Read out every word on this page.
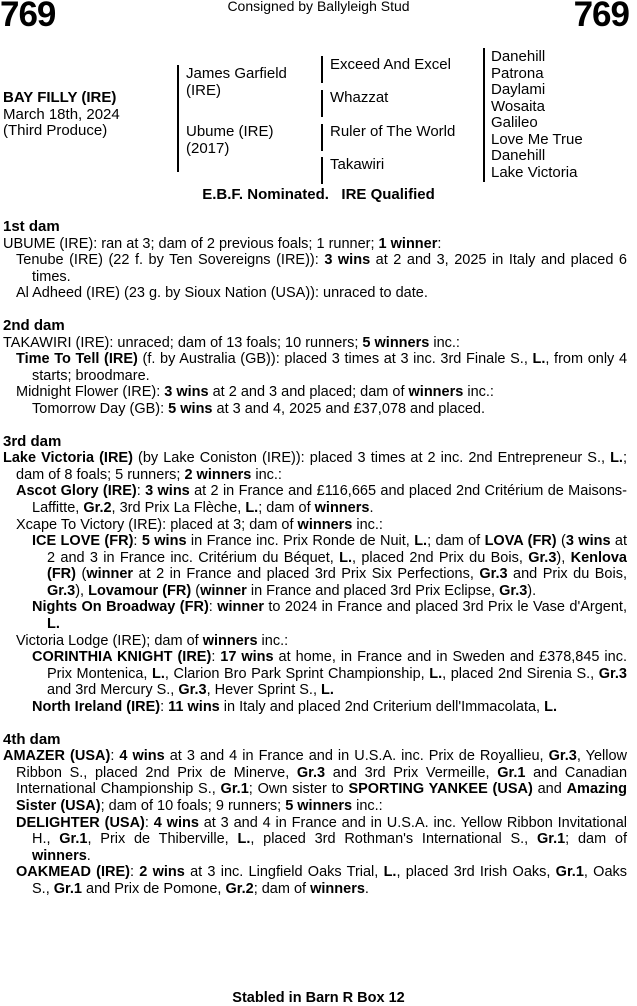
769	Consigned by Ballyleigh Stud	769
BAY FILLY (IRE)
March 18th, 2024
(Third Produce)
James Garfield
(IRE)
Ubume (IRE)
(2017)
Exceed And Excel
Whazzat
Ruler of The World
Takawiri
Danehill
Patrona
Daylami
Wosaita
Galileo
Love Me True
Danehill
Lake Victoria
E.B.F. Nominated.   IRE Qualified
1st dam

UBUME (IRE): ran at 3; dam of 2 previous foals; 1 runner; 1 winner:

Tenube (IRE) (22 f. by Ten Sovereigns (IRE)): 3 wins at 2 and 3, 2025 in Italy and placed 6 times.

Al Adheed (IRE) (23 g. by Sioux Nation (USA)): unraced to date.

2nd dam

TAKAWIRI (IRE): unraced; dam of 13 foals; 10 runners; 5 winners inc.:

Time To Tell (IRE) (f. by Australia (GB)): placed 3 times at 3 inc. 3rd Finale S., L., from only 4 starts; broodmare.

Midnight Flower (IRE): 3 wins at 2 and 3 and placed; dam of winners inc.:

Tomorrow Day (GB): 5 wins at 3 and 4, 2025 and £37,078 and placed.

3rd dam

Lake Victoria (IRE) (by Lake Coniston (IRE)): placed 3 times at 2 inc. 2nd Entrepreneur S., L.; dam of 8 foals; 5 runners; 2 winners inc.:

Ascot Glory (IRE): 3 wins at 2 in France and £116,665 and placed 2nd Critérium de Maisons-Laffitte, Gr.2, 3rd Prix La Flèche, L.; dam of winners.

Xcape To Victory (IRE): placed at 3; dam of winners inc.:

ICE LOVE (FR): 5 wins in France inc. Prix Ronde de Nuit, L.; dam of LOVA (FR) (3 wins at 2 and 3 in France inc. Critérium du Béquet, L., placed 2nd Prix du Bois, Gr.3), Kenlova (FR) (winner at 2 in France and placed 3rd Prix Six Perfections, Gr.3 and Prix du Bois, Gr.3), Lovamour (FR) (winner in France and placed 3rd Prix Eclipse, Gr.3).

Nights On Broadway (FR): winner to 2024 in France and placed 3rd Prix le Vase d'Argent, L.

Victoria Lodge (IRE); dam of winners inc.:

CORINTHIA KNIGHT (IRE): 17 wins at home, in France and in Sweden and £378,845 inc. Prix Montenica, L., Clarion Bro Park Sprint Championship, L., placed 2nd Sirenia S., Gr.3 and 3rd Mercury S., Gr.3, Hever Sprint S., L.

North Ireland (IRE): 11 wins in Italy and placed 2nd Criterium dell'Immacolata, L.

4th dam

AMAZER (USA): 4 wins at 3 and 4 in France and in U.S.A. inc. Prix de Royallieu, Gr.3, Yellow Ribbon S., placed 2nd Prix de Minerve, Gr.3 and 3rd Prix Vermeille, Gr.1 and Canadian International Championship S., Gr.1; Own sister to SPORTING YANKEE (USA) and Amazing Sister (USA); dam of 10 foals; 9 runners; 5 winners inc.:

DELIGHTER (USA): 4 wins at 3 and 4 in France and in U.S.A. inc. Yellow Ribbon Invitational H., Gr.1, Prix de Thiberville, L., placed 3rd Rothman's International S., Gr.1; dam of winners.

OAKMEAD (IRE): 2 wins at 3 inc. Lingfield Oaks Trial, L., placed 3rd Irish Oaks, Gr.1, Oaks S., Gr.1 and Prix de Pomone, Gr.2; dam of winners.

Stabled in Barn R Box 12
